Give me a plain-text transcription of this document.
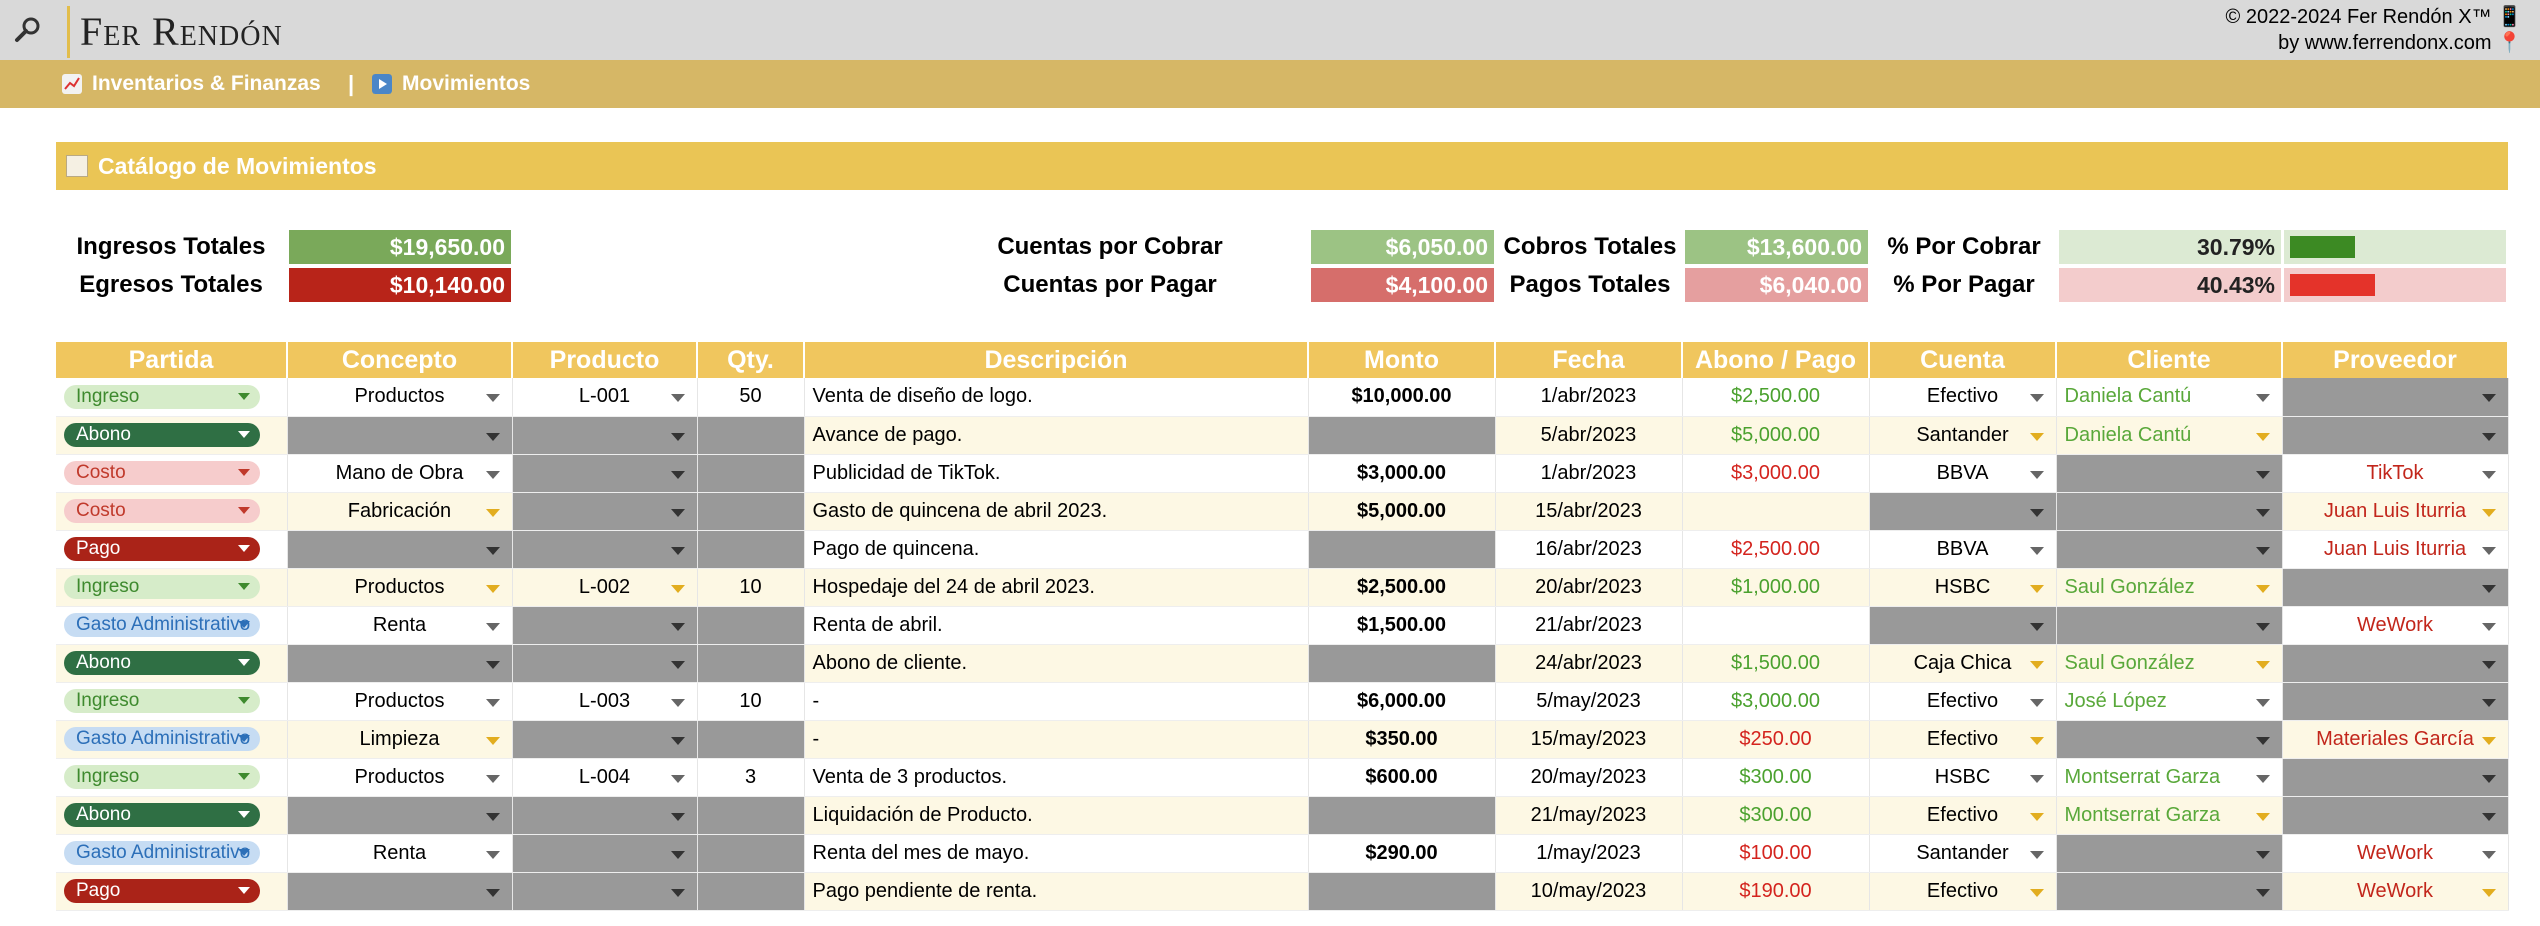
Fer Rendón	© 2022-2024 Fer Rendón X™ 📱
by www.ferrendonx.com 📍
Inventarios & Finanzas | Movimientos
Catálogo de Movimientos
Ingresos Totales	$19,650.00
Egresos Totales	$10,140.00
Cuentas por Cobrar	$6,050.00
Cuentas por Pagar	$4,100.00
Cobros Totales	$13,600.00
Pagos Totales	$6,040.00
% Por Cobrar	30.79%
% Por Pagar	40.43%
Partida	Concepto	Producto	Qty.	Descripción	Monto	Fecha	Abono / Pago	Cuenta	Cliente	Proveedor
Ingreso	Productos	L-001	50	Venta de diseño de logo.	$10,000.00	1/abr/2023	$2,500.00	Efectivo	Daniela Cantú

Abono				Avance de pago.		5/abr/2023	$5,000.00	Santander	Daniela Cantú

Costo	Mano de Obra			Publicidad de TikTok.	$3,000.00	1/abr/2023	$3,000.00	BBVA		TikTok

Costo	Fabricación			Gasto de quincena de abril 2023.	$5,000.00	15/abr/2023				Juan Luis Iturria

Pago				Pago de quincena.		16/abr/2023	$2,500.00	BBVA		Juan Luis Iturria

Ingreso	Productos	L-002	10	Hospedaje del 24 de abril 2023.	$2,500.00	20/abr/2023	$1,000.00	HSBC	Saul González

Gasto Administrativo	Renta			Renta de abril.	$1,500.00	21/abr/2023				WeWork

Abono				Abono de cliente.		24/abr/2023	$1,500.00	Caja Chica	Saul González

Ingreso	Productos	L-003	10	-	$6,000.00	5/may/2023	$3,000.00	Efectivo	José López

Gasto Administrativo	Limpieza			-	$350.00	15/may/2023	$250.00	Efectivo		Materiales García

Ingreso	Productos	L-004	3	Venta de 3 productos.	$600.00	20/may/2023	$300.00	HSBC	Montserrat Garza

Abono				Liquidación de Producto.		21/may/2023	$300.00	Efectivo	Montserrat Garza

Gasto Administrativo	Renta			Renta del mes de mayo.	$290.00	1/may/2023	$100.00	Santander		WeWork

Pago				Pago pendiente de renta.		10/may/2023	$190.00	Efectivo		WeWork
